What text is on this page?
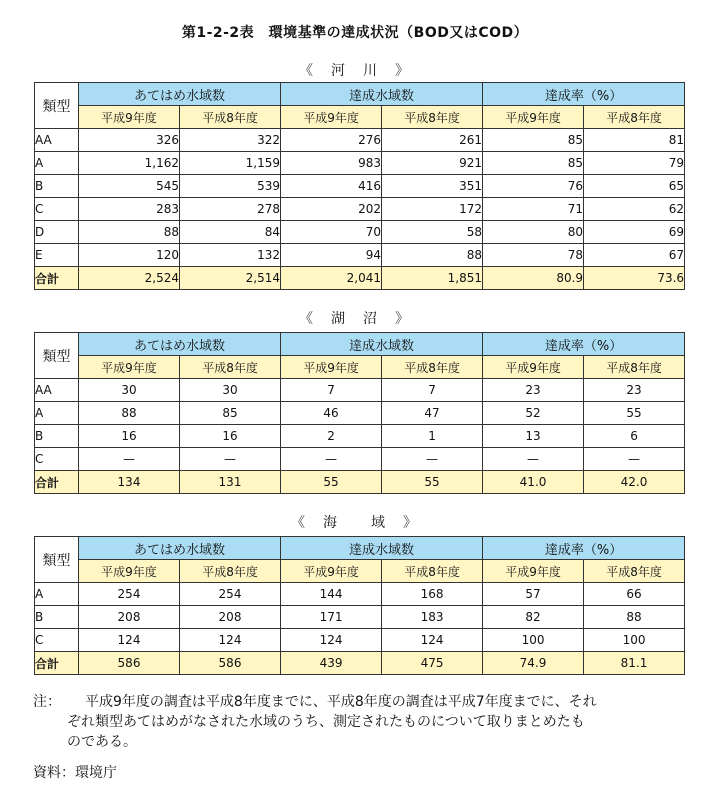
第1-2-2表　環境基準の達成状況（BOD又はCOD）
《　河　川　》
類型	あてはめ水域数		達成水域数		達成率（%）	
	平成9年度	平成8年度	平成9年度	平成8年度	平成9年度	平成8年度
AA	326	322	276	261	85	81
A	1,162	1,159	983	921	85	79
B	545	539	416	351	76	65
C	283	278	202	172	71	62
D	88	84	70	58	80	69
E	120	132	94	88	78	67
合計	2,524	2,514	2,041	1,851	80.9	73.6
《　湖　沼　》
類型	あてはめ水域数		達成水域数		達成率（%）	
	平成9年度	平成8年度	平成9年度	平成8年度	平成9年度	平成8年度
AA	30	30	7	7	23	23
A	88	85	46	47	52	55
B	16	16	2	1	13	6
C	—	—	—	—	—	—
合計	134	131	55	55	41.0	42.0
《　海　　域　》
類型	あてはめ水域数		達成水域数		達成率（%）	
	平成9年度	平成8年度	平成9年度	平成8年度	平成9年度	平成8年度
A	254	254	144	168	57	66
B	208	208	171	183	82	88
C	124	124	124	124	100	100
合計	586	586	439	475	74.9	81.1
注：	平成9年度の調査は平成8年度までに、平成8年度の調査は平成7年度までに、それ
ぞれ類型あてはめがなされた水域のうち、測定されたものについて取りまとめたも
のである。
資料：環境庁
